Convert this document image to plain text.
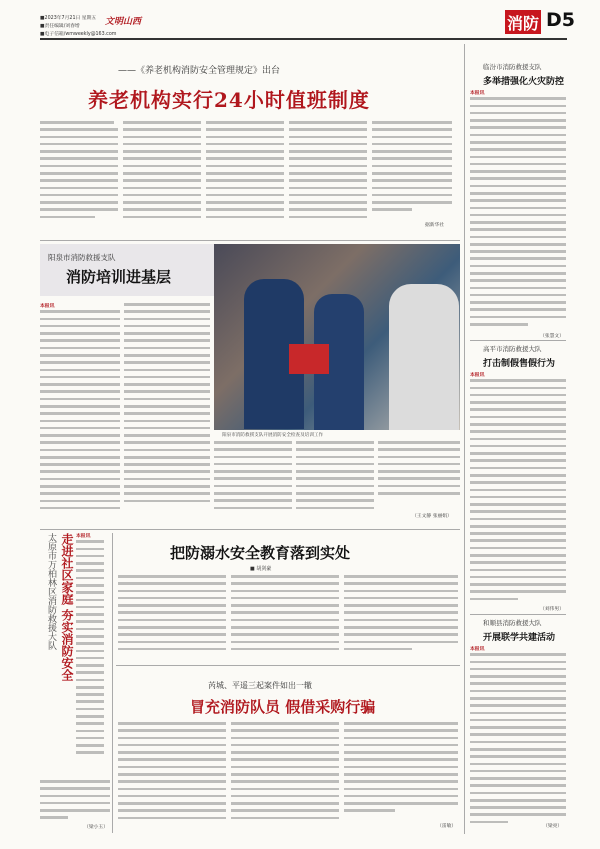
■2023年7月21日 星期五
■责任编辑/刘春增
■电子信箱/wmweekly@163.com
文明山西	消防 D5
——《养老机构消防安全管理规定》出台
养老机构实行24小时值班制度
据新华社
阳泉市消防救援支队
消防培训进基层
阳泉市消防救援支队开展消防安全检查及培训工作
本报讯
（王文静 张丽娟）
太原市万柏林区消防救援大队 走进社区家庭 夯实消防安全 本报讯
（梁小玉）
把防溺水安全教育落到实处
■ 胡剑豪
芮城、平遥三起案件如出一辙
冒充消防队员 假借采购行骗
（雷敏）
临汾市消防救援支队
多举措强化火灾防控
本报讯
（张慧文）
高平市消防救援大队
打击制假售假行为
本报讯
（刘伟男）
和顺县消防救援大队
开展联学共建活动
本报讯
（梁亮）
